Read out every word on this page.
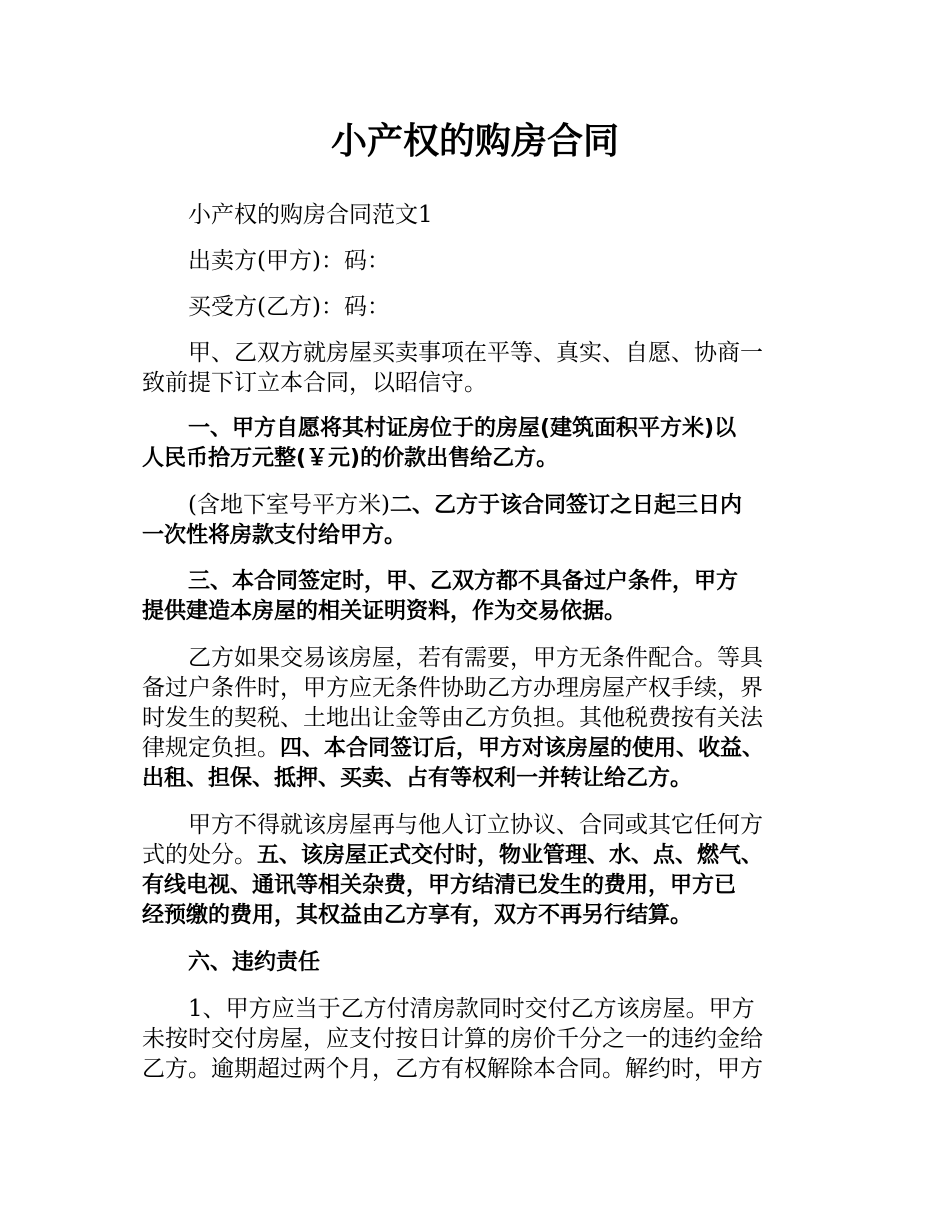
小产权的购房合同

小产权的购房合同范文1

出卖方(甲方)：码：

买受方(乙方)：码：

甲、乙双方就房屋买卖事项在平等、真实、自愿、协商一
致前提下订立本合同，以昭信守。

一、甲方自愿将其村证房位于的房屋(建筑面积平方米)以
人民币拾万元整(￥元)的价款出售给乙方。

(含地下室号平方米)二、乙方于该合同签订之日起三日内
一次性将房款支付给甲方。

三、本合同签定时，甲、乙双方都不具备过户条件，甲方
提供建造本房屋的相关证明资料，作为交易依据。

乙方如果交易该房屋，若有需要，甲方无条件配合。等具
备过户条件时，甲方应无条件协助乙方办理房屋产权手续，界
时发生的契税、土地出让金等由乙方负担。其他税费按有关法
律规定负担。四、本合同签订后，甲方对该房屋的使用、收益、
出租、担保、抵押、买卖、占有等权利一并转让给乙方。

甲方不得就该房屋再与他人订立协议、合同或其它任何方
式的处分。五、该房屋正式交付时，物业管理、水、点、燃气、
有线电视、通讯等相关杂费，甲方结清已发生的费用，甲方已
经预缴的费用，其权益由乙方享有，双方不再另行结算。

六、违约责任

1、甲方应当于乙方付清房款同时交付乙方该房屋。甲方
未按时交付房屋，应支付按日计算的房价千分之一的违约金给
乙方。逾期超过两个月，乙方有权解除本合同。解约时，甲方
